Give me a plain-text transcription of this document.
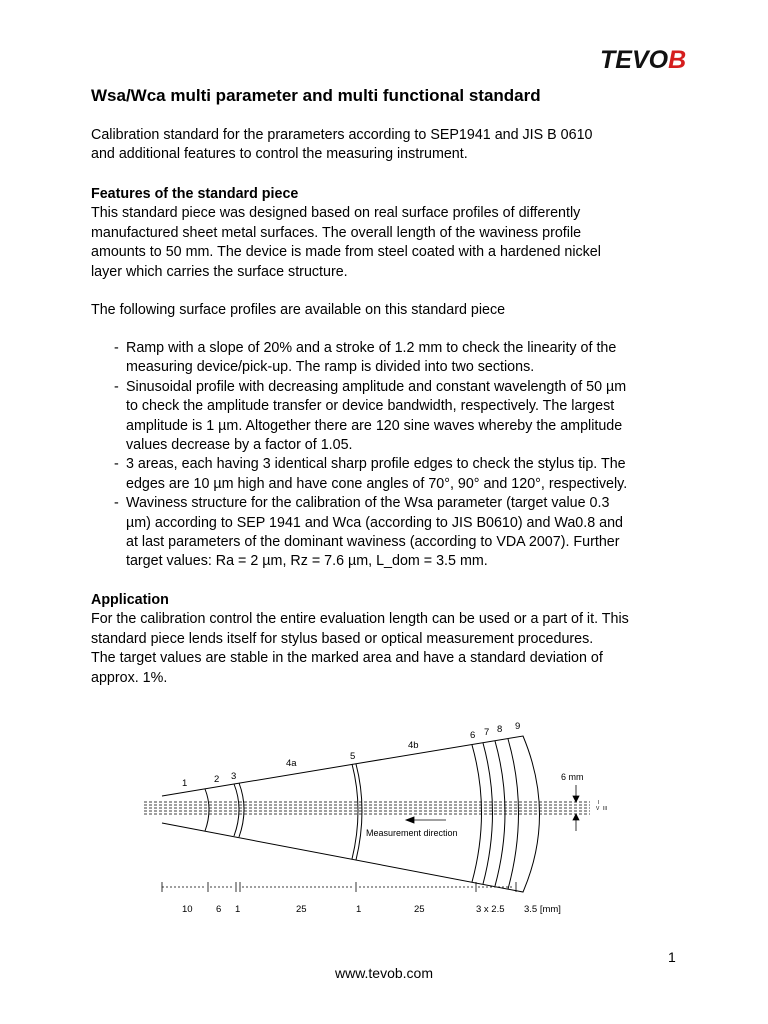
TEVOB
Wsa/Wca multi parameter and multi functional standard

Calibration standard for the prarameters according to SEP1941 and JIS B 0610

and additional features to control the measuring instrument.

Features of the standard piece

This standard piece was designed based on real surface profiles of differently

manufactured sheet metal surfaces. The overall length of the waviness profile

amounts to 50 mm. The device is made from steel coated with a hardened nickel

layer which carries the surface structure.

The following surface profiles are available on this standard piece

- Ramp with a slope of 20% and a stroke of 1.2 mm to check the linearity of the
measuring device/pick-up. The ramp is divided into two sections.
- Sinusoidal profile with decreasing amplitude and constant wavelength of 50 µm
to check the amplitude transfer or device bandwidth, respectively. The largest
amplitude is 1 µm. Altogether there are 120 sine waves whereby the amplitude
values decrease by a factor of 1.05.
- 3 areas, each having 3 identical sharp profile edges to check the stylus tip. The
edges are 10 µm high and have cone angles of 70°, 90° and 120°, respectively.
- Waviness structure for the calibration of the Wsa parameter (target value 0.3
µm) according to SEP 1941 and Wca (according to JIS B0610) and Wa0.8 and
at last parameters of the dominant waviness (according to VDA 2007). Further
target values: Ra = 2 µm, Rz = 7.6 µm, L_dom = 3.5 mm.

Application

For the calibration control the entire evaluation length can be used or a part of it. This

standard piece lends itself for stylus based or optical measurement procedures.

The target values are stable in the marked area and have a standard deviation of

approx. 1%.

6 mm
I
V III
Measurement direction
1	2 3
4a
5
4b
6 7 8 9
10 6 1	25	1	25	3 x 2.5 3.5 [mm]
1
www.tevob.com
